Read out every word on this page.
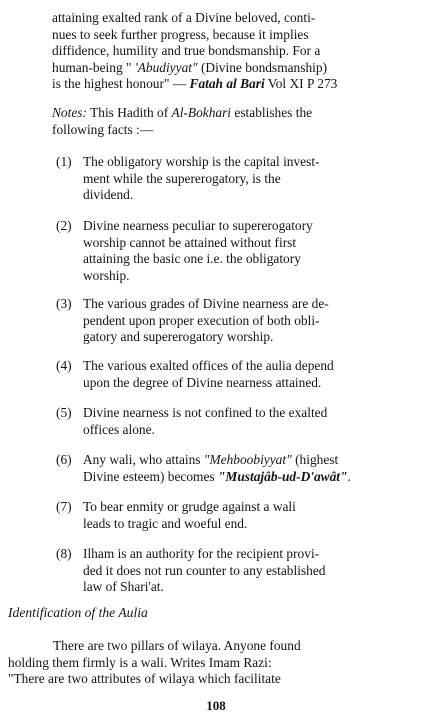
attaining exalted rank of a Divine beloved, conti-
nues to seek further progress, because it implies
diffidence, humility and true bondsmanship. For a
human-being " 'Abudiyyat" (Divine bondsmanship)
is the highest honour" — Fatah al Bari Vol XI P 273
Notes: This Hadith of Al-Bokhari establishes the
following facts :—
(1) The obligatory worship is the capital invest-
ment while the supererogatory, is the
dividend.
(2) Divine nearness peculiar to supererogatory
worship cannot be attained without first
attaining the basic one i.e. the obligatory
worship.
(3) The various grades of Divine nearness are de-
pendent upon proper execution of both obli-
gatory and supererogatory worship.
(4) The various exalted offices of the aulia depend
upon the degree of Divine nearness attained.
(5) Divine nearness is not confined to the exalted
offices alone.
(6) Any wali, who attains "Mehboobiyyat" (highest
Divine esteem) becomes "Mustajâb-ud-D'awât".
(7) To bear enmity or grudge against a wali
leads to tragic and woeful end.
(8) Ilham is an authority for the recipient provi-
ded it does not run counter to any established
law of Shari'at.
Identification of the Aulia
There are two pillars of wilaya. Anyone found
holding them firmly is a wali. Writes Imam Razi:
"There are two attributes of wilaya which facilitate
108
